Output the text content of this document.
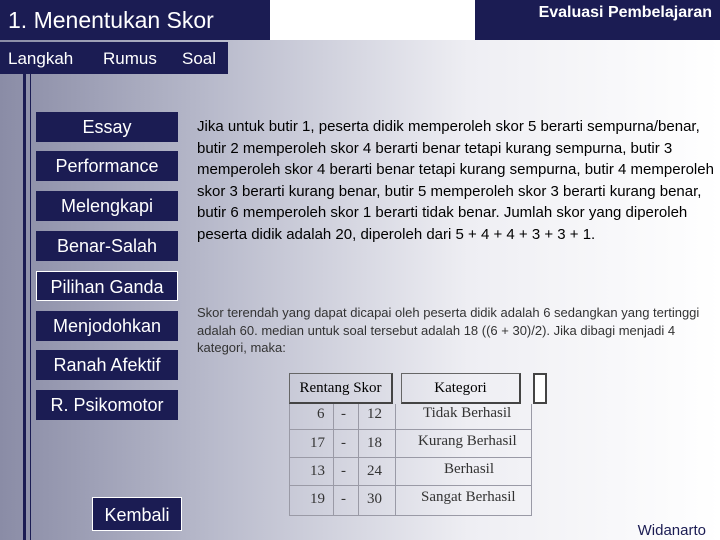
1. Menentukan Skor	Evaluasi Pembelajaran
Langkah Rumus Soal
Essay
Performance
Melengkapi
Benar-Salah
Pilihan Ganda
Menjodohkan
Ranah Afektif
R. Psikomotor
Kembali
Jika untuk butir 1, peserta didik memperoleh skor 5 berarti sempurna/benar, butir 2 memperoleh skor 4 berarti benar tetapi kurang sempurna, butir 3 memperoleh skor 4 berarti benar tetapi kurang sempurna, butir 4 memperoleh skor 3 berarti kurang benar, butir 5 memperoleh skor 3 berarti kurang benar, butir 6 memperoleh skor 1 berarti tidak benar. Jumlah skor yang diperoleh peserta didik adalah 20, diperoleh dari 5 + 4 + 4 + 3 + 3 + 1.
Skor terendah yang dapat dicapai oleh peserta didik adalah 6 sedangkan yang tertinggi adalah 60. median untuk soal tersebut adalah 18 ((6 + 30)/2). Jika dibagi menjadi 4 kategori, maka:
Rentang Skor	Kategori
6 - 12	Tidak Berhasil
17 - 18 Kurang Berhasil
13 - 24	Berhasil
19 - 30	Sangat Berhasil
Widanarto
